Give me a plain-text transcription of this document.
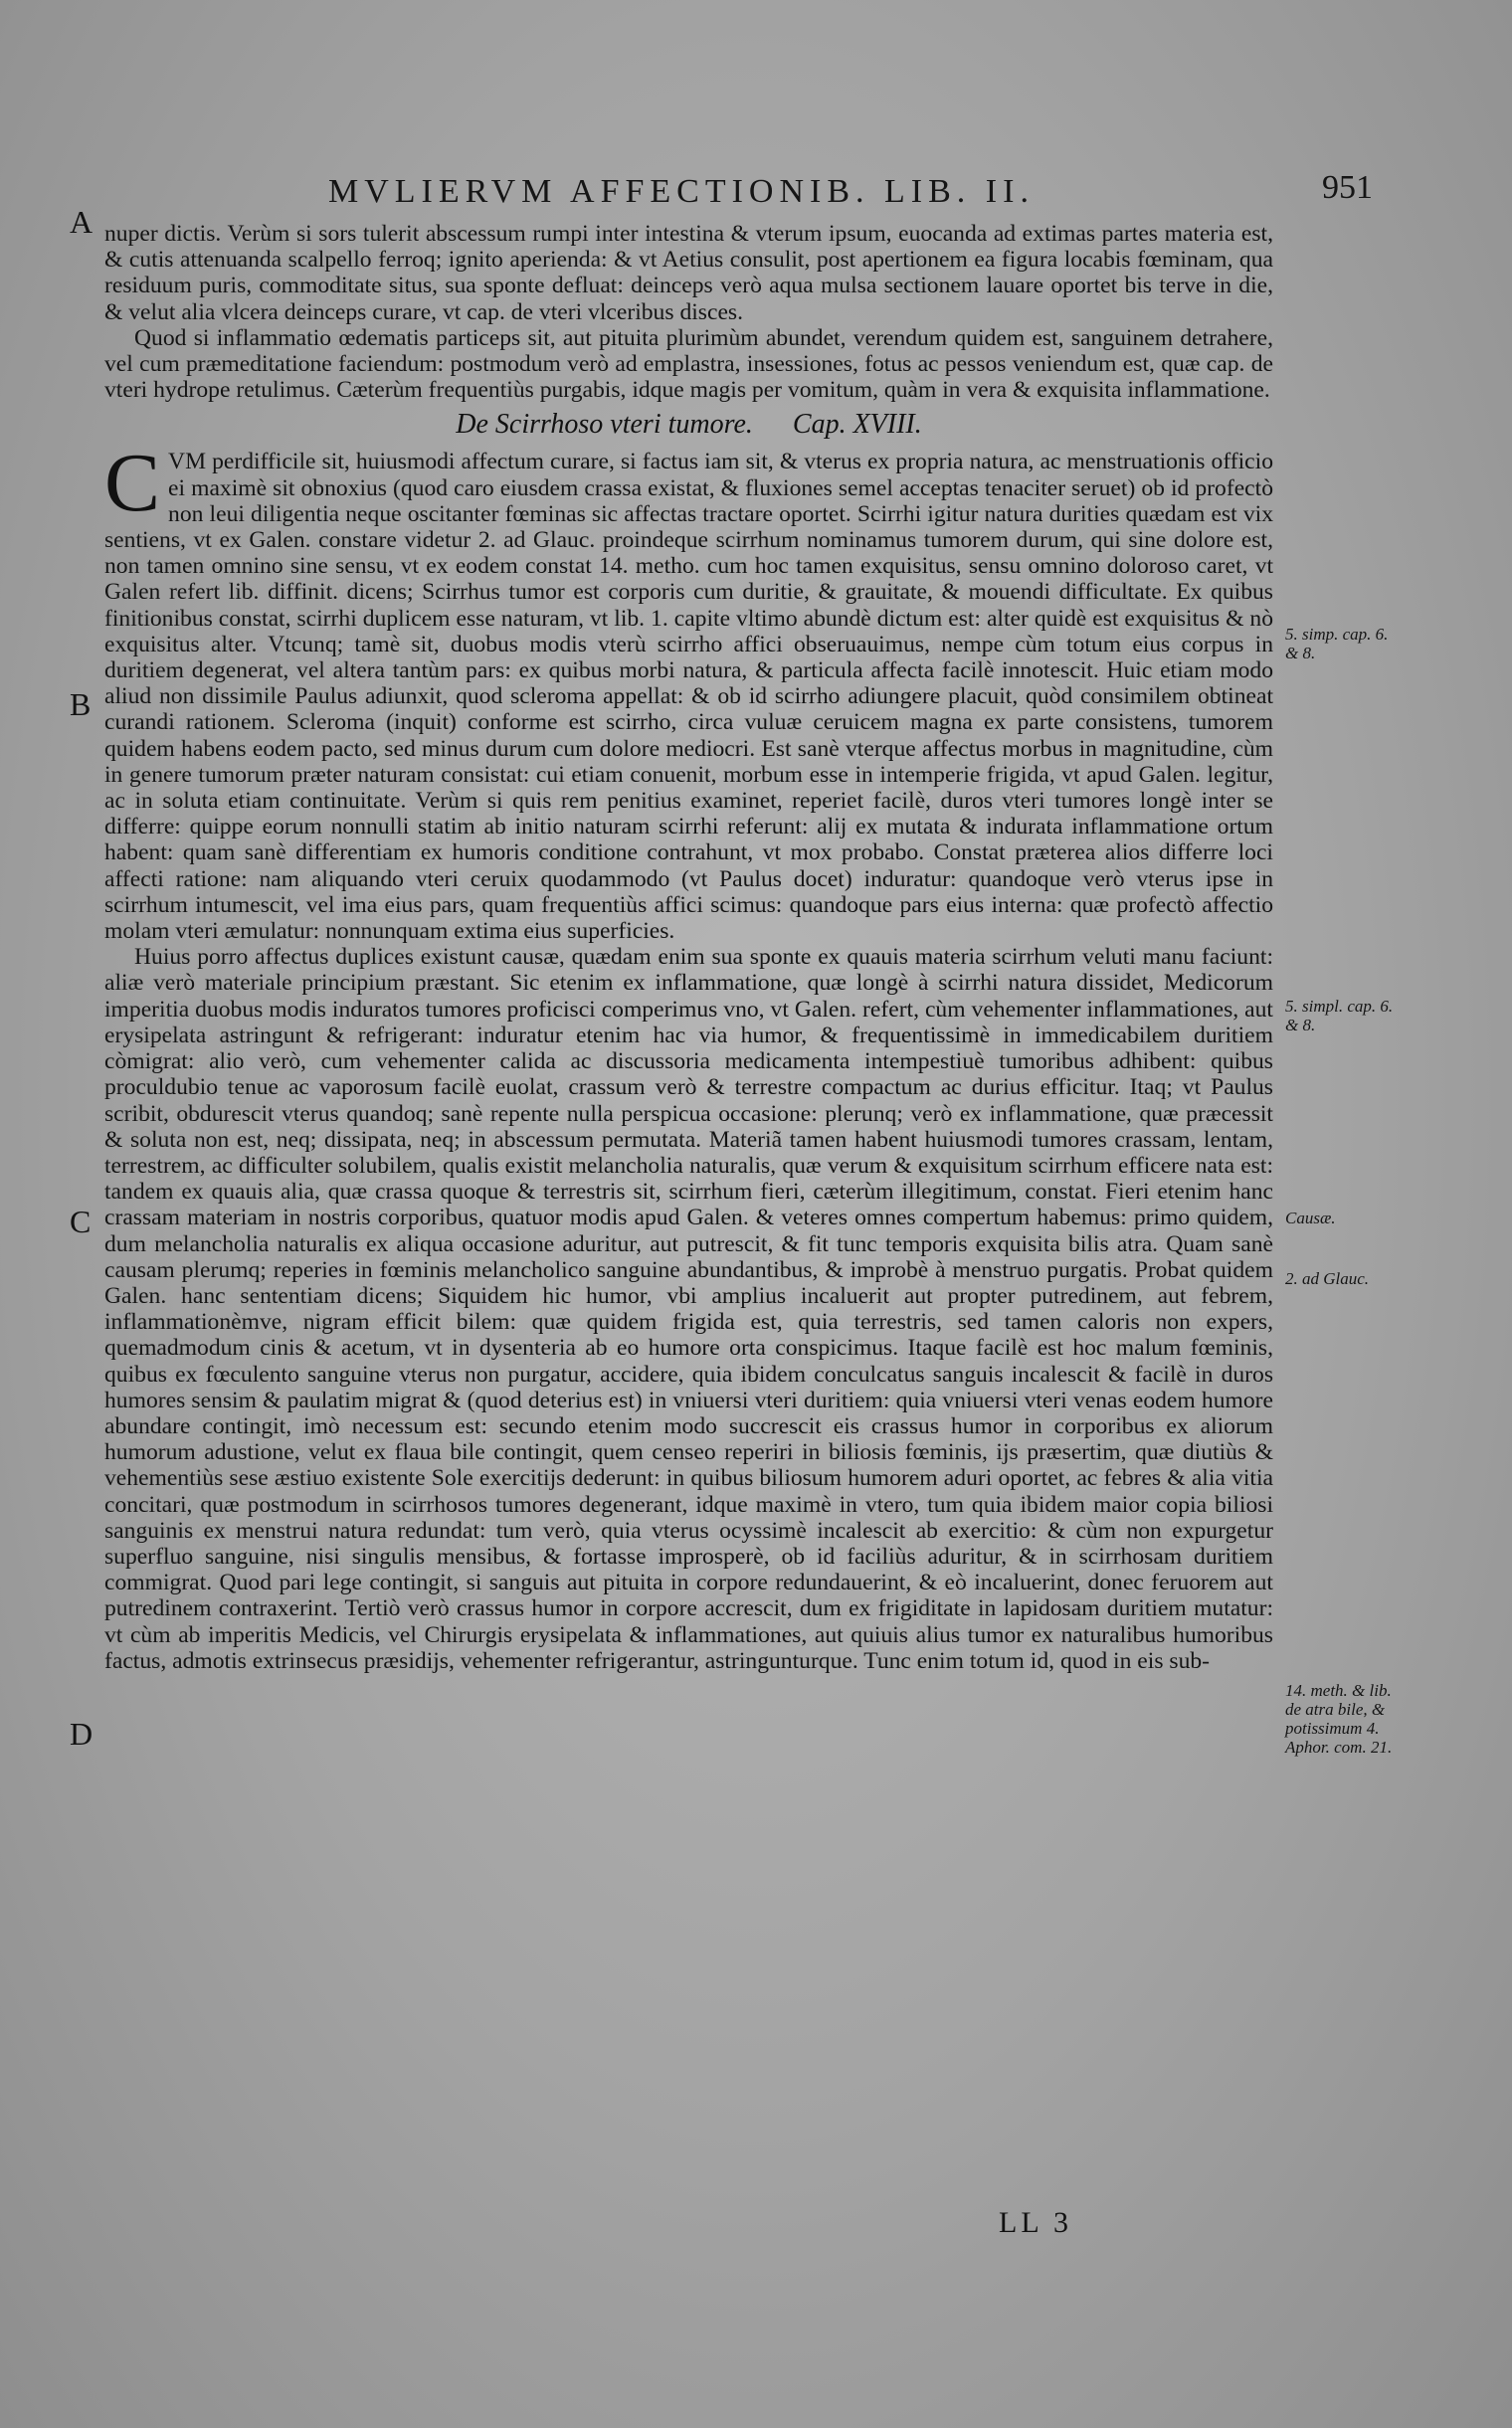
MVLIERVM AFFECTIONIB. LIB. II.	951
A
B
C
D

nuper dictis. Verùm si sors tulerit abscessum rumpi inter intestina & vterum ipsum, euocanda ad extimas partes materia est, & cutis attenuanda scalpello ferroq; ignito aperienda: & vt Aetius consulit, post apertionem ea figura locabis fœminam, qua residuum puris, commoditate situs, sua sponte defluat: deinceps verò aqua mulsa sectionem lauare oportet bis terve in die, & velut alia vlcera deinceps curare, vt cap. de vteri vlceribus disces.

Quod si inflammatio œdematis particeps sit, aut pituita plurimùm abundet, verendum quidem est, sanguinem detrahere, vel cum præmeditatione faciendum: postmodum verò ad emplastra, insessiones, fotus ac pessos veniendum est, quæ cap. de vteri hydrope retulimus. Cæterùm frequentiùs purgabis, idque magis per vomitum, quàm in vera & exquisita inflammatione.

De Scirrhoso vteri tumore. Cap. XVIII.

CVM perdifficile sit, huiusmodi affectum curare, si factus iam sit, & vterus ex propria natura, ac menstruationis officio ei maximè sit obnoxius (quod caro eiusdem crassa existat, & fluxiones semel acceptas tenaciter seruet) ob id profectò non leui diligentia neque oscitanter fœminas sic affectas tractare oportet. Scirrhi igitur natura durities quædam est vix sentiens, vt ex Galen. constare videtur 2. ad Glauc. proindeque scirrhum nominamus tumorem durum, qui sine dolore est, non tamen omnino sine sensu, vt ex eodem constat 14. metho. cum hoc tamen exquisitus, sensu omnino doloroso caret, vt Galen refert lib. diffinit. dicens; Scirrhus tumor est corporis cum duritie, & grauitate, & mouendi difficultate. Ex quibus finitionibus constat, scirrhi duplicem esse naturam, vt lib. 1. capite vltimo abundè dictum est: alter quidè est exquisitus & nò exquisitus alter. Vtcunq; tamè sit, duobus modis vterù scirrho affici obseruauimus, nempe cùm totum eius corpus in duritiem degenerat, vel altera tantùm pars: ex quibus morbi natura, & particula affecta facilè innotescit. Huic etiam modo aliud non dissimile Paulus adiunxit, quod scleroma appellat: & ob id scirrho adiungere placuit, quòd consimilem obtineat curandi rationem. Scleroma (inquit) conforme est scirrho, circa vuluæ ceruicem magna ex parte consistens, tumorem quidem habens eodem pacto, sed minus durum cum dolore mediocri. Est sanè vterque affectus morbus in magnitudine, cùm in genere tumorum præter naturam consistat: cui etiam conuenit, morbum esse in intemperie frigida, vt apud Galen. legitur, ac in soluta etiam continuitate. Verùm si quis rem penitius examinet, reperiet facilè, duros vteri tumores longè inter se differre: quippe eorum nonnulli statim ab initio naturam scirrhi referunt: alij ex mutata & indurata inflammatione ortum habent: quam sanè differentiam ex humoris conditione contrahunt, vt mox probabo. Constat præterea alios differre loci affecti ratione: nam aliquando vteri ceruix quodammodo (vt Paulus docet) induratur: quandoque verò vterus ipse in scirrhum intumescit, vel ima eius pars, quam frequentiùs affici scimus: quandoque pars eius interna: quæ profectò affectio molam vteri æmulatur: nonnunquam extima eius superficies.

Huius porro affectus duplices existunt causæ, quædam enim sua sponte ex quauis materia scirrhum veluti manu faciunt: aliæ verò materiale principium præstant. Sic etenim ex inflammatione, quæ longè à scirrhi natura dissidet, Medicorum imperitia duobus modis induratos tumores proficisci comperimus vno, vt Galen. refert, cùm vehementer inflammationes, aut erysipelata astringunt & refrigerant: induratur etenim hac via humor, & frequentissimè in immedicabilem duritiem còmigrat: alio verò, cum vehementer calida ac discussoria medicamenta intempestiuè tumoribus adhibent: quibus proculdubio tenue ac vaporosum facilè euolat, crassum verò & terrestre compactum ac durius efficitur. Itaq; vt Paulus scribit, obdurescit vterus quandoq; sanè repente nulla perspicua occasione: plerunq; verò ex inflammatione, quæ præcessit & soluta non est, neq; dissipata, neq; in abscessum permutata. Materiã tamen habent huiusmodi tumores crassam, lentam, terrestrem, ac difficulter solubilem, qualis existit melancholia naturalis, quæ verum & exquisitum scirrhum efficere nata est: tandem ex quauis alia, quæ crassa quoque & terrestris sit, scirrhum fieri, cæterùm illegitimum, constat. Fieri etenim hanc crassam materiam in nostris corporibus, quatuor modis apud Galen. & veteres omnes compertum habemus: primo quidem, dum melancholia naturalis ex aliqua occasione aduritur, aut putrescit, & fit tunc temporis exquisita bilis atra. Quam sanè causam plerumq; reperies in fœminis melancholico sanguine abundantibus, & improbè à menstruo purgatis. Probat quidem Galen. hanc sententiam dicens; Siquidem hic humor, vbi amplius incaluerit aut propter putredinem, aut febrem, inflammationèmve, nigram efficit bilem: quæ quidem frigida est, quia terrestris, sed tamen caloris non expers, quemadmodum cinis & acetum, vt in dysenteria ab eo humore orta conspicimus. Itaque facilè est hoc malum fœminis, quibus ex fœculento sanguine vterus non purgatur, accidere, quia ibidem conculcatus sanguis incalescit & facilè in duros humores sensim & paulatim migrat & (quod deterius est) in vniuersi vteri duritiem: quia vniuersi vteri venas eodem humore abundare contingit, imò necessum est: secundo etenim modo succrescit eis crassus humor in corporibus ex aliorum humorum adustione, velut ex flaua bile contingit, quem censeo reperiri in biliosis fœminis, ijs præsertim, quæ diutiùs & vehementiùs sese æstiuo existente Sole exercitijs dederunt: in quibus biliosum humorem aduri oportet, ac febres & alia vitia concitari, quæ postmodum in scirrhosos tumores degenerant, idque maximè in vtero, tum quia ibidem maior copia biliosi sanguinis ex menstrui natura redundat: tum verò, quia vterus ocyssimè incalescit ab exercitio: & cùm non expurgetur superfluo sanguine, nisi singulis mensibus, & fortasse improsperè, ob id faciliùs aduritur, & in scirrhosam duritiem commigrat. Quod pari lege contingit, si sanguis aut pituita in corpore redundauerint, & eò incaluerint, donec feruorem aut putredinem contraxerint. Tertiò verò crassus humor in corpore accrescit, dum ex frigiditate in lapidosam duritiem mutatur: vt cùm ab imperitis Medicis, vel Chirurgis erysipelata & inflammationes, aut quiuis alius tumor ex naturalibus humoribus factus, admotis extrinsecus præsidijs, vehementer refrigerantur, astringunturque. Tunc enim totum id, quod in eis sub-

5. simp. cap. 6. & 8.
5. simpl. cap. 6. & 8.
Causæ.
2. ad Glauc.
14. meth. & lib. de atra bile, & potissimum 4. Aphor. com. 21.
LL 3
